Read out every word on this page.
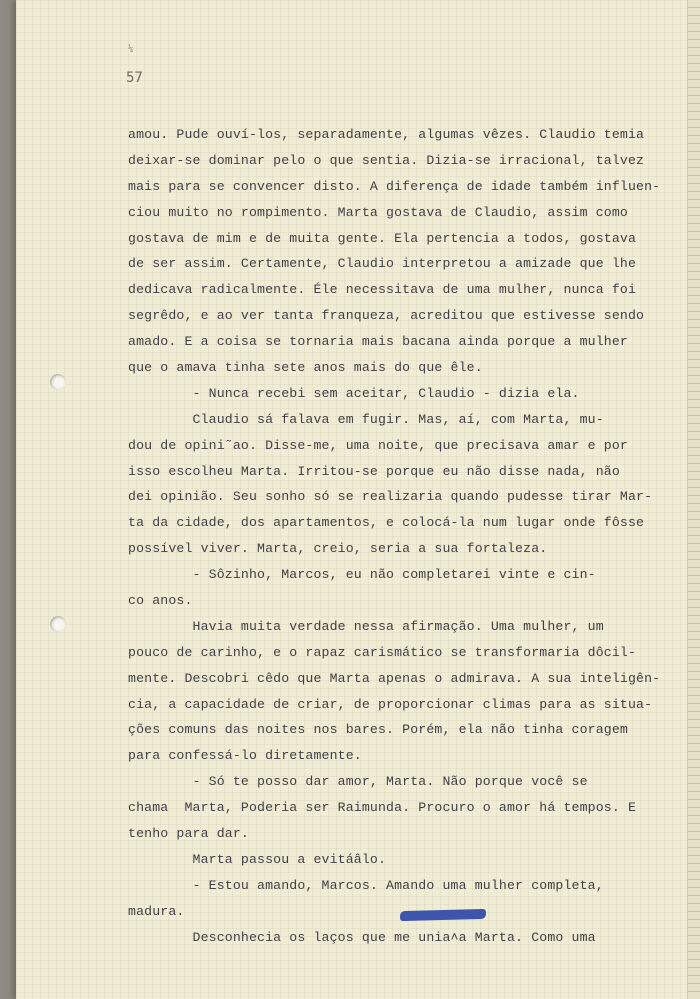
¼
57
amou. Pude ouví-los, separadamente, algumas vêzes. Claudio temia
deixar-se dominar pelo o que sentia. Dizia-se irracional, talvez
mais para se convencer disto. A diferença de idade também influen-
ciou muito no rompimento. Marta gostava de Claudio, assim como
gostava de mim e de muita gente. Ela pertencia a todos, gostava
de ser assim. Certamente, Claudio interpretou a amizade que lhe
dedicava radicalmente. Éle necessitava de uma mulher, nunca foi
segrêdo, e ao ver tanta franqueza, acreditou que estivesse sendo
amado. E a coisa se tornaria mais bacana ainda porque a mulher
que o amava tinha sete anos mais do que êle.
- Nunca recebi sem aceitar, Claudio - dizia ela.
Claudio sá falava em fugir. Mas, aí, com Marta, mu-
dou de opini˜ao. Disse-me, uma noite, que precisava amar e por
isso escolheu Marta. Irritou-se porque eu não disse nada, não
dei opinião. Seu sonho só se realizaria quando pudesse tirar Mar-
ta da cidade, dos apartamentos, e colocá-la num lugar onde fôsse
possível viver. Marta, creio, seria a sua fortaleza.
- Sôzinho, Marcos, eu não completarei vinte e cin-
co anos.
Havia muita verdade nessa afirmação. Uma mulher, um
pouco de carinho, e o rapaz carismático se transformaria dôcil-
mente. Descobri cêdo que Marta apenas o admirava. A sua inteligên-
cia, a capacidade de criar, de proporcionar climas para as situa-
ções comuns das noites nos bares. Porém, ela não tinha coragem
para confessá-lo diretamente.
- Só te posso dar amor, Marta. Não porque você se
chama  Marta, Poderia ser Raimunda. Procuro o amor há tempos. E
tenho para dar.
Marta passou a evitáâlo.
- Estou amando, Marcos. Amando uma mulher completa,
madura.
Desconhecia os laços que me unia˄a Marta. Como uma
